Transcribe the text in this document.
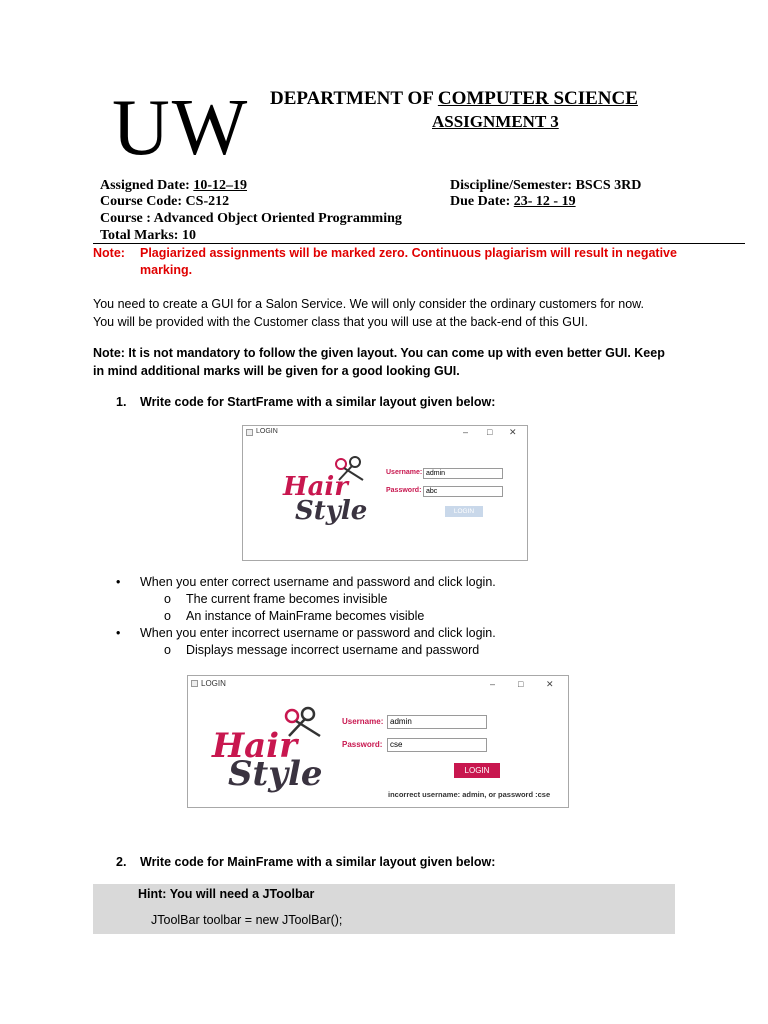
UW DEPARTMENT OF COMPUTER SCIENCE
ASSIGNMENT 3
Assigned Date: 10-12–19
Course Code: CS-212
Course : Advanced Object Oriented Programming
Total Marks: 10
Discipline/Semester: BSCS 3RD
Due Date: 23- 12 - 19
Note: Plagiarized assignments will be marked zero. Continuous plagiarism will result in negative
marking.
You need to create a GUI for a Salon Service. We will only consider the ordinary customers for now.
You will be provided with the Customer class that you will use at the back-end of this GUI.
Note: It is not mandatory to follow the given layout. You can come up with even better GUI. Keep
in mind additional marks will be given for a good looking GUI.
1. Write code for StartFrame with a similar layout given below:
LOGIN	– □ ✕
Hair
Style
Username: admin
Password: abc
LOGIN
• When you enter correct username and password and click login.
o The current frame becomes invisible
o An instance of MainFrame becomes visible
• When you enter incorrect username or password and click login.
o Displays message incorrect username and password
LOGIN	–	□	✕
Hair
Style
Username: admin
Password: cse
LOGIN
incorrect username: admin, or password :cse
2. Write code for MainFrame with a similar layout given below:
Hint: You will need a JToolbar
JToolBar toolbar = new JToolBar();
